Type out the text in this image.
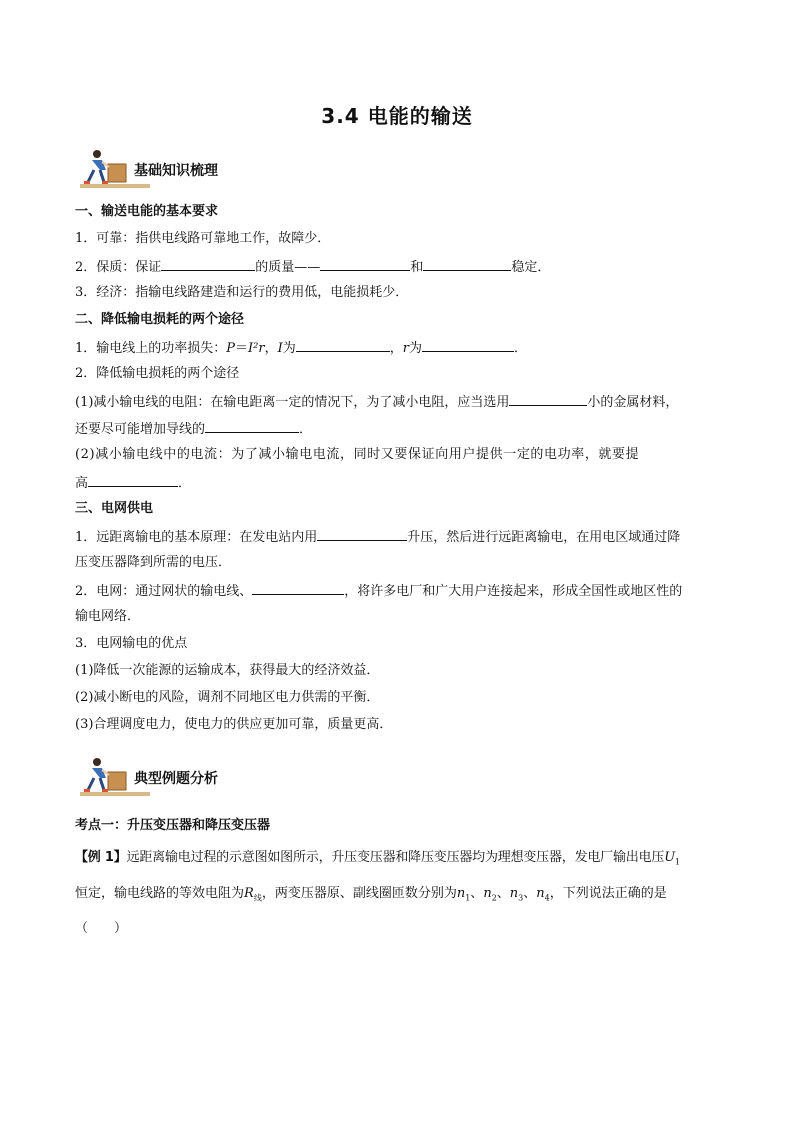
3.4 电能的输送
基础知识梳理
一、输送电能的基本要求
1．可靠：指供电线路可靠地工作，故障少．
2．保质：保证	的质量——	和	稳定．
3．经济：指输电线路建造和运行的费用低，电能损耗少．
二、降低输电损耗的两个途径
1．输电线上的功率损失：P＝I²r，I为	，r为	．
2．降低输电损耗的两个途径
(1)减小输电线的电阻：在输电距离一定的情况下，为了减小电阻，应当选用	小的金属材料，
还要尽可能增加导线的	．
(2)减小输电线中的电流：为了减小输电电流，同时又要保证向用户提供一定的电功率，就要提
高	．
三、电网供电
1．远距离输电的基本原理：在发电站内用	升压，然后进行远距离输电，在用电区域通过降
压变压器降到所需的电压．
2．电网：通过网状的输电线、	，将许多电厂和广大用户连接起来，形成全国性或地区性的
输电网络．
3．电网输电的优点
(1)降低一次能源的运输成本，获得最大的经济效益．
(2)减小断电的风险，调剂不同地区电力供需的平衡．
(3)合理调度电力，使电力的供应更加可靠，质量更高．
典型例题分析
考点一：升压变压器和降压变压器
【例 1】远距离输电过程的示意图如图所示，升压变压器和降压变压器均为理想变压器，发电厂输出电压$U_1$
恒定，输电线路的等效电阻为$R_线$，两变压器原、副线圈匝数分别为$n_1$、$n_2$、$n_3$、$n_4$，下列说法正确的是
（　　）
